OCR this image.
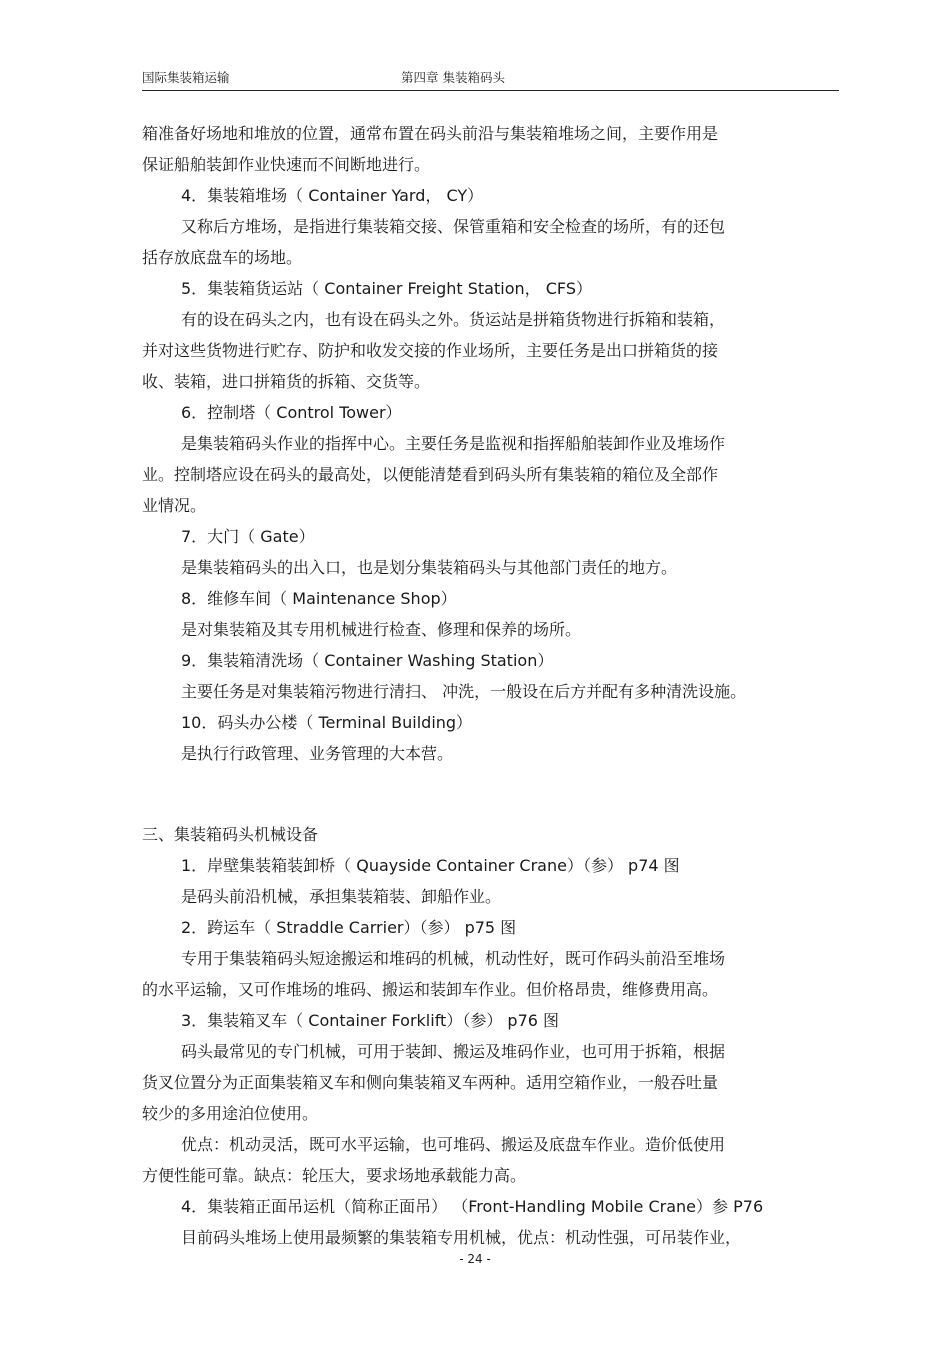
国际集装箱运输	第四章 集装箱码头

箱准备好场地和堆放的位置，通常布置在码头前沿与集装箱堆场之间，主要作用是

保证船舶装卸作业快速而不间断地进行。

4．集装箱堆场（ Container Yard， CY）

又称后方堆场，是指进行集装箱交接、保管重箱和安全检查的场所，有的还包

括存放底盘车的场地。

5．集装箱货运站（ Container Freight Station， CFS）

有的设在码头之内，也有设在码头之外。货运站是拼箱货物进行拆箱和装箱，

并对这些货物进行贮存、防护和收发交接的作业场所，主要任务是出口拼箱货的接

收、装箱，进口拼箱货的拆箱、交货等。

6．控制塔（ Control Tower）

是集装箱码头作业的指挥中心。主要任务是监视和指挥船舶装卸作业及堆场作

业。控制塔应设在码头的最高处，以便能清楚看到码头所有集装箱的箱位及全部作

业情况。

7．大门（ Gate）

是集装箱码头的出入口，也是划分集装箱码头与其他部门责任的地方。

8．维修车间（ Maintenance Shop）

是对集装箱及其专用机械进行检查、修理和保养的场所。

9．集装箱清洗场（ Container Washing Station）

主要任务是对集装箱污物进行清扫、 冲洗，一般设在后方并配有多种清洗设施。

10．码头办公楼（ Terminal Building）

是执行行政管理、业务管理的大本营。

三、集装箱码头机械设备

1．岸壁集装箱装卸桥（ Quayside Container Crane）（参） p74 图

是码头前沿机械，承担集装箱装、卸船作业。

2．跨运车（ Straddle Carrier）（参） p75 图

专用于集装箱码头短途搬运和堆码的机械，机动性好，既可作码头前沿至堆场

的水平运输，又可作堆场的堆码、搬运和装卸车作业。但价格昂贵，维修费用高。

3．集装箱叉车（ Container Forklift）（参） p76 图

码头最常见的专门机械，可用于装卸、搬运及堆码作业，也可用于拆箱，根据

货叉位置分为正面集装箱叉车和侧向集装箱叉车两种。适用空箱作业，一般吞吐量

较少的多用途泊位使用。

优点：机动灵活，既可水平运输，也可堆码、搬运及底盘车作业。造价低使用

方便性能可靠。缺点：轮压大，要求场地承载能力高。

4．集装箱正面吊运机（简称正面吊） （Front-Handling Mobile Crane）参 P76

目前码头堆场上使用最频繁的集装箱专用机械，优点：机动性强，可吊装作业，

- 24 -
